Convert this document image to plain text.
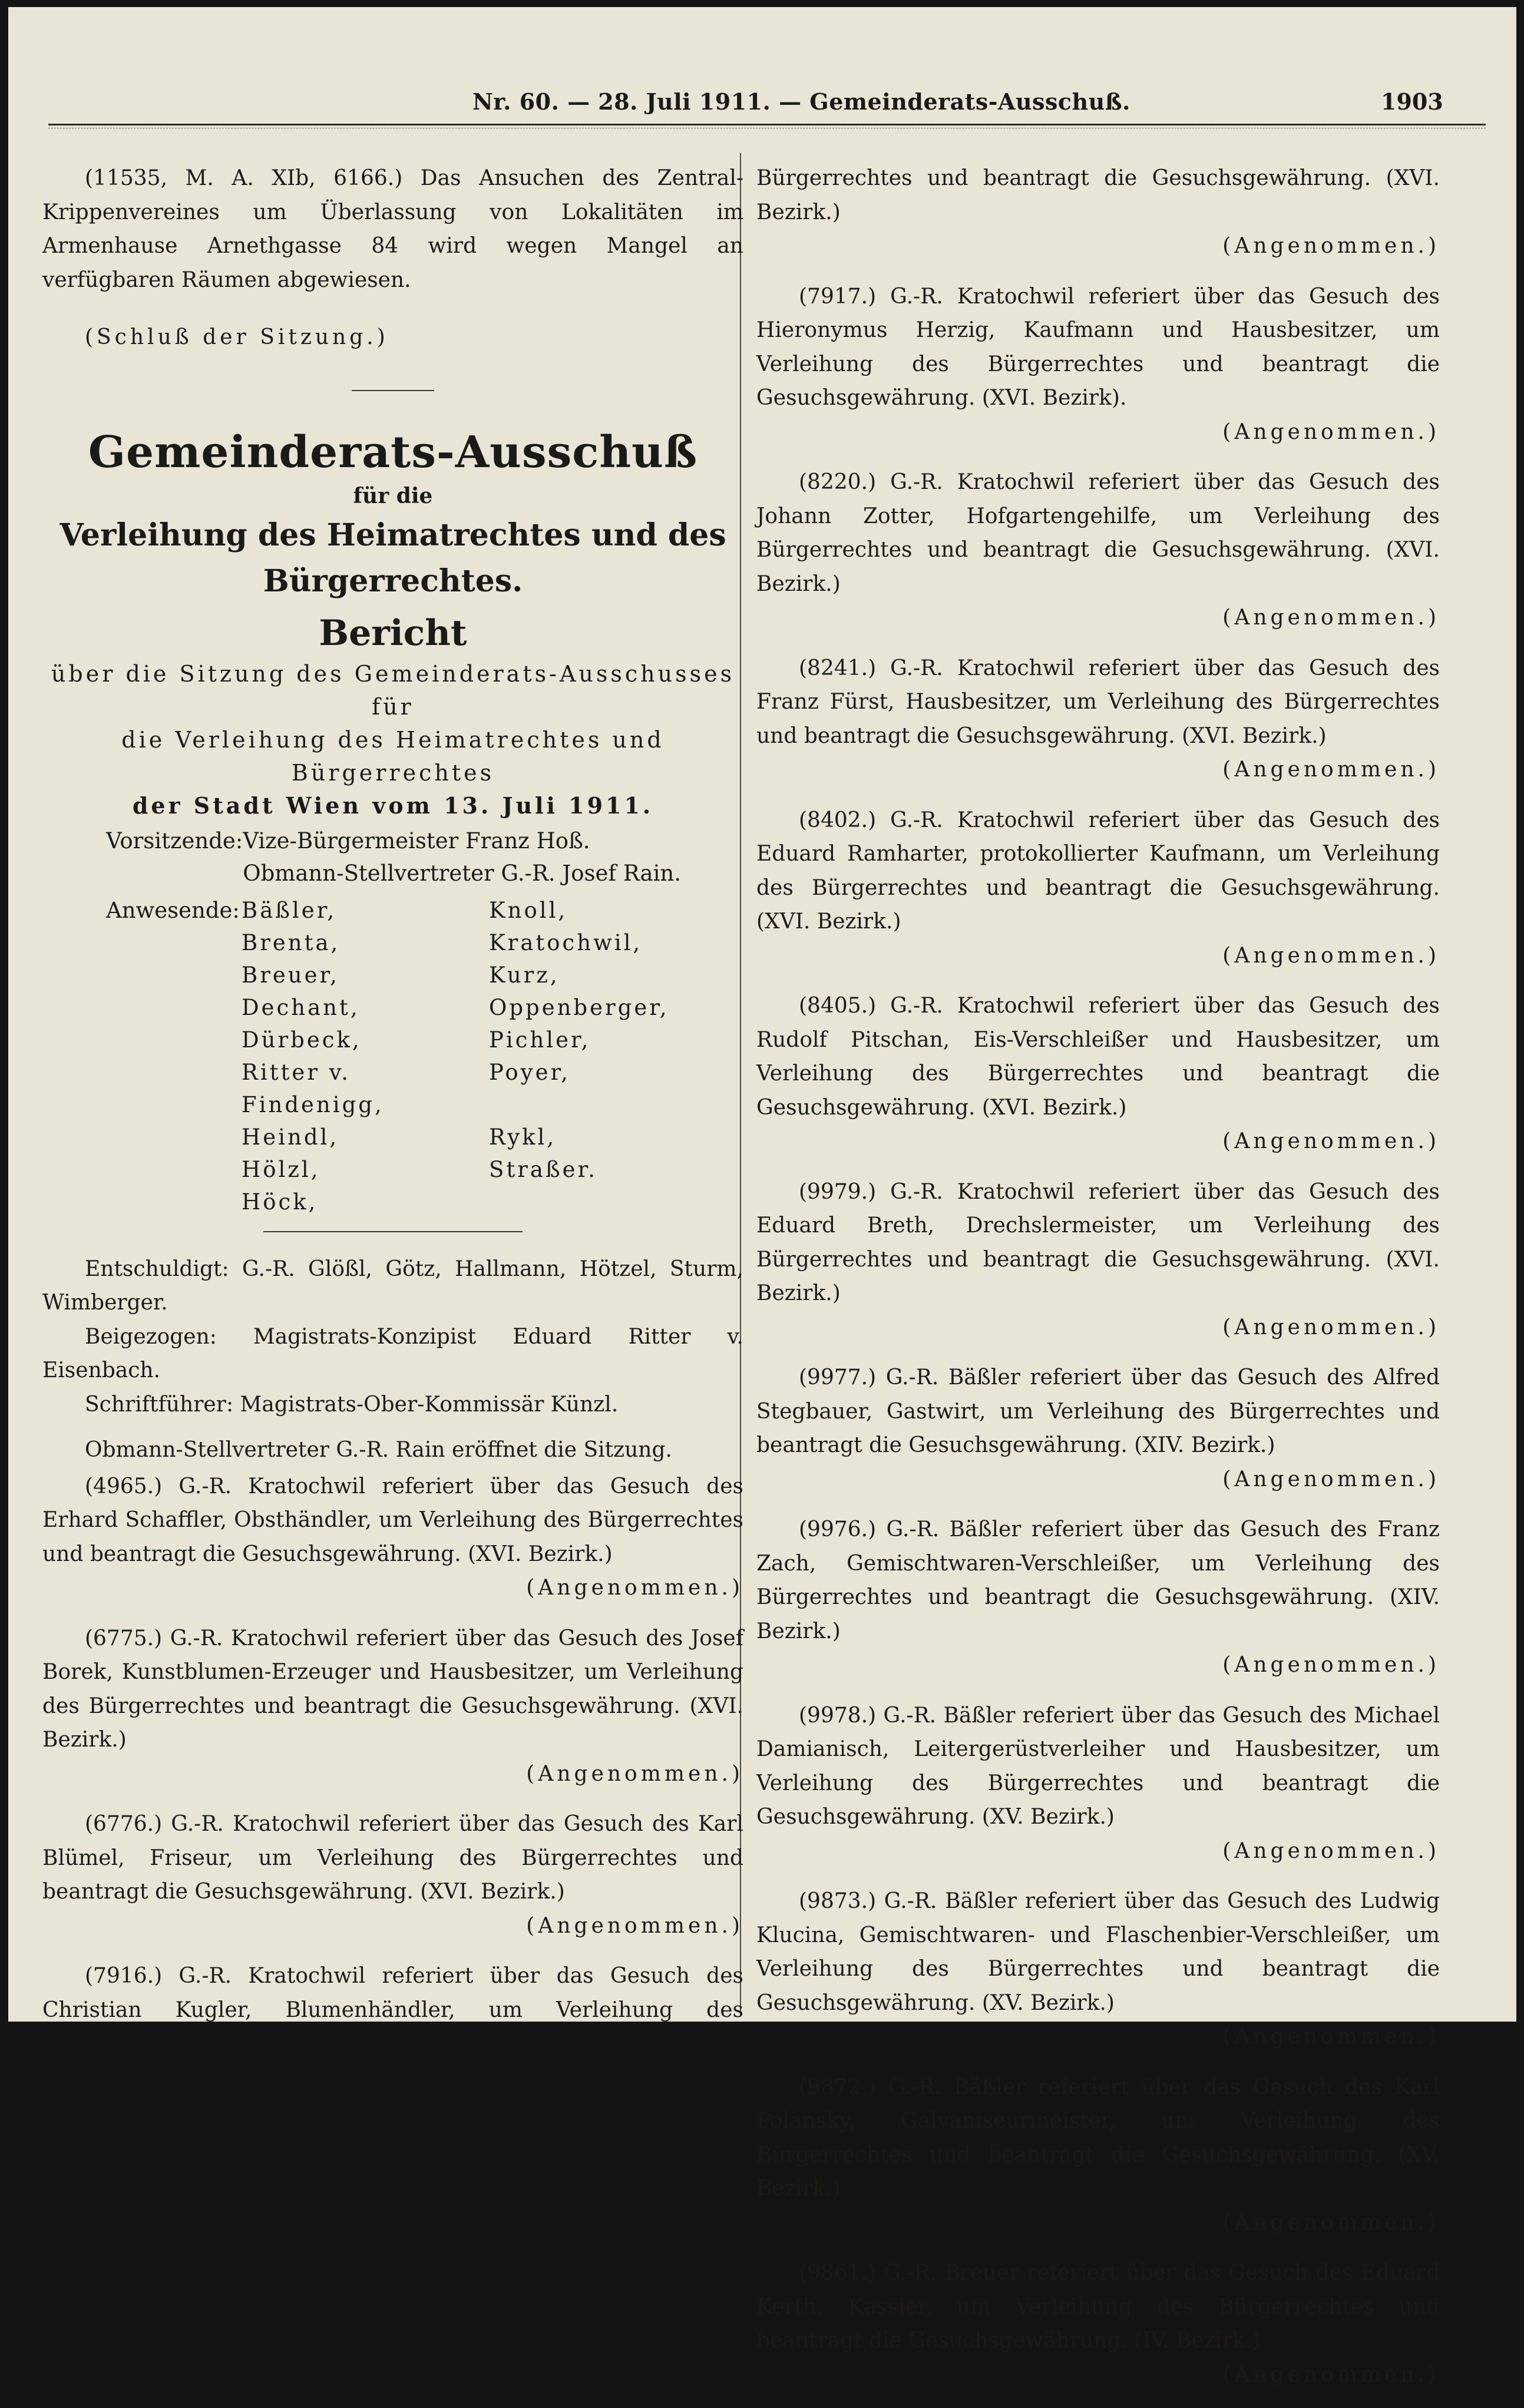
Nr. 60. — 28. Juli 1911. — Gemeinderats-Ausschuß.	1903

(11535, M. A. XIb, 6166.) Das Ansuchen des Zentral-Krippenvereines um Überlassung von Lokalitäten im Armenhause Arnethgasse 84 wird wegen Mangel an verfügbaren Räumen abgewiesen.

(Schluß der Sitzung.)

Gemeinderats-Ausschuß
für die
Verleihung des Heimatrechtes und des Bürgerrechtes.
Bericht
über die Sitzung des Gemeinderats-Ausschusses für
die Verleihung des Heimatrechtes und Bürgerrechtes
der Stadt Wien vom 13. Juli 1911.
Vorsitzende:	Vize-Bürgermeister Franz Hoß.
	Obmann-Stellvertreter G.-R. Josef Rain.
Anwesende:	Bäßler,	Knoll,
	Brenta,	Kratochwil,
	Breuer,	Kurz,
	Dechant,	Oppenberger,
	Dürbeck,	Pichler,
	Ritter v. Findenigg,	Poyer,
	Heindl,	Rykl,
	Hölzl,	Straßer.
	Höck,	

Entschuldigt: G.-R. Glößl, Götz, Hallmann, Hötzel, Sturm, Wimberger.

Beigezogen: Magistrats-Konzipist Eduard Ritter v. Eisenbach.

Schriftführer: Magistrats-Ober-Kommissär Künzl.

Obmann-Stellvertreter G.-R. Rain eröffnet die Sitzung.

(4965.) G.-R. Kratochwil referiert über das Gesuch des Erhard Schaffler, Obsthändler, um Verleihung des Bürgerrechtes und beantragt die Gesuchsgewährung. (XVI. Bezirk.)

(Angenommen.)

(6775.) G.-R. Kratochwil referiert über das Gesuch des Josef Borek, Kunstblumen-Erzeuger und Hausbesitzer, um Verleihung des Bürgerrechtes und beantragt die Gesuchsgewährung. (XVI. Bezirk.)

(Angenommen.)

(6776.) G.-R. Kratochwil referiert über das Gesuch des Karl Blümel, Friseur, um Verleihung des Bürgerrechtes und beantragt die Gesuchsgewährung. (XVI. Bezirk.)

(Angenommen.)

(7916.) G.-R. Kratochwil referiert über das Gesuch des Christian Kugler, Blumenhändler, um Verleihung des

Bürgerrechtes und beantragt die Gesuchsgewährung. (XVI. Bezirk.)

(Angenommen.)

(7917.) G.-R. Kratochwil referiert über das Gesuch des Hieronymus Herzig, Kaufmann und Hausbesitzer, um Verleihung des Bürgerrechtes und beantragt die Gesuchsgewährung. (XVI. Bezirk).

(Angenommen.)

(8220.) G.-R. Kratochwil referiert über das Gesuch des Johann Zotter, Hofgartengehilfe, um Verleihung des Bürgerrechtes und beantragt die Gesuchsgewährung. (XVI. Bezirk.)

(Angenommen.)

(8241.) G.-R. Kratochwil referiert über das Gesuch des Franz Fürst, Hausbesitzer, um Verleihung des Bürgerrechtes und beantragt die Gesuchsgewährung. (XVI. Bezirk.)

(Angenommen.)

(8402.) G.-R. Kratochwil referiert über das Gesuch des Eduard Ramharter, protokollierter Kaufmann, um Verleihung des Bürgerrechtes und beantragt die Gesuchsgewährung. (XVI. Bezirk.)

(Angenommen.)

(8405.) G.-R. Kratochwil referiert über das Gesuch des Rudolf Pitschan, Eis-Verschleißer und Hausbesitzer, um Verleihung des Bürgerrechtes und beantragt die Gesuchsgewährung. (XVI. Bezirk.)

(Angenommen.)

(9979.) G.-R. Kratochwil referiert über das Gesuch des Eduard Breth, Drechslermeister, um Verleihung des Bürgerrechtes und beantragt die Gesuchsgewährung. (XVI. Bezirk.)

(Angenommen.)

(9977.) G.-R. Bäßler referiert über das Gesuch des Alfred Stegbauer, Gastwirt, um Verleihung des Bürgerrechtes und beantragt die Gesuchsgewährung. (XIV. Bezirk.)

(Angenommen.)

(9976.) G.-R. Bäßler referiert über das Gesuch des Franz Zach, Gemischtwaren-Verschleißer, um Verleihung des Bürgerrechtes und beantragt die Gesuchsgewährung. (XIV. Bezirk.)

(Angenommen.)

(9978.) G.-R. Bäßler referiert über das Gesuch des Michael Damianisch, Leitergerüstverleiher und Hausbesitzer, um Verleihung des Bürgerrechtes und beantragt die Gesuchsgewährung. (XV. Bezirk.)

(Angenommen.)

(9873.) G.-R. Bäßler referiert über das Gesuch des Ludwig Klucina, Gemischtwaren- und Flaschenbier-Verschleißer, um Verleihung des Bürgerrechtes und beantragt die Gesuchsgewährung. (XV. Bezirk.)

(Angenommen.)

(9872.) G.-R. Bäßler referiert über das Gesuch des Karl Polansky, Galvaniseurmeister, um Verleihung des Bürgerrechtes und beantragt die Gesuchsgewährung. (XV. Bezirk.)

(Angenommen.)

(9861.) G.-R. Breuer referiert über das Gesuch des Eduard Kerth, Kassier, um Verleihung des Bürgerrechtes und beantragt die Gesuchsgewährung. (IV. Bezirk.)

(Angenommen.)
